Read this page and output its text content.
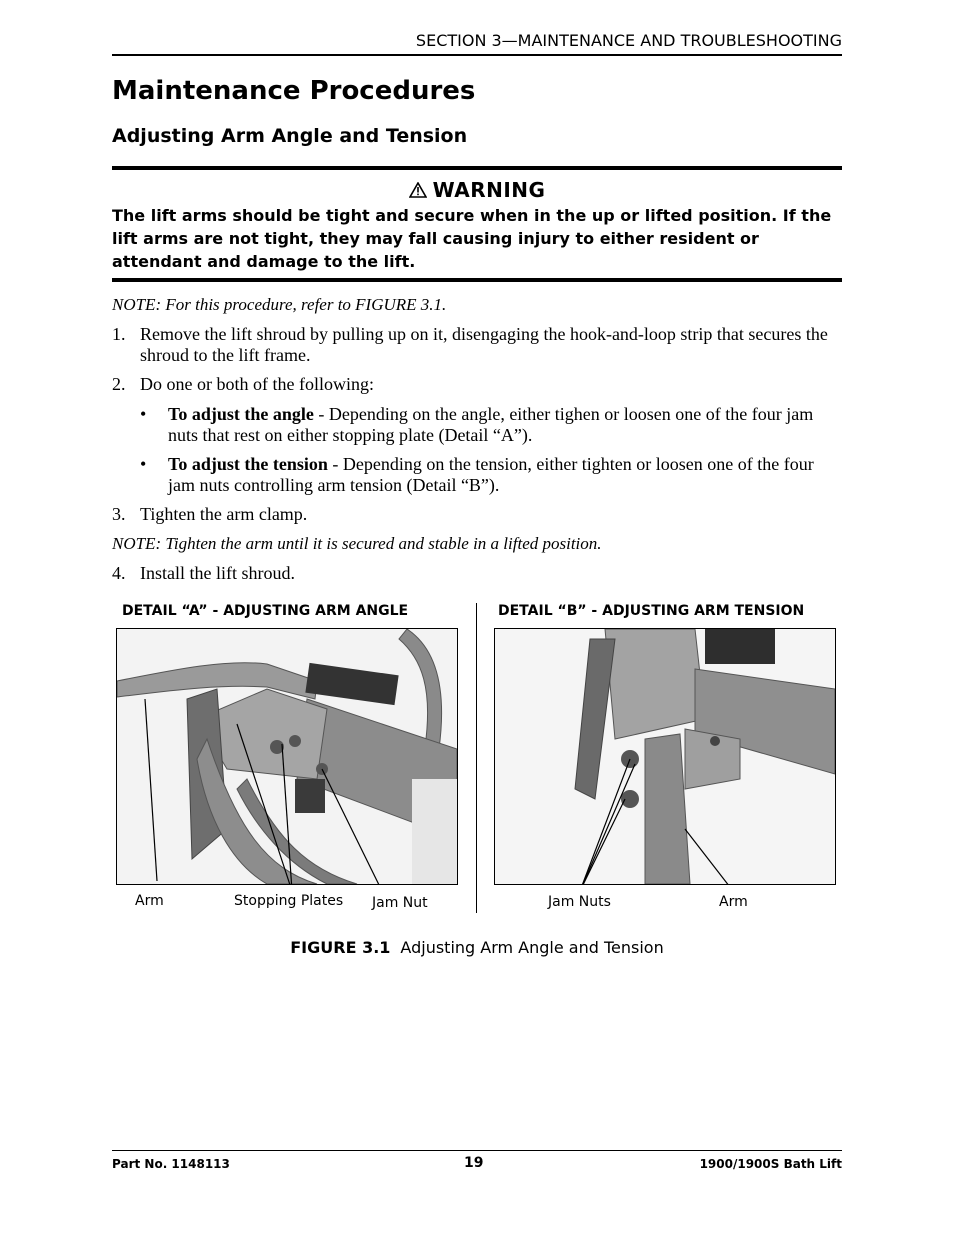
SECTION 3—MAINTENANCE AND TROUBLESHOOTING
Maintenance Procedures
Adjusting Arm Angle and Tension
WARNING
The lift arms should be tight and secure when in the up or lifted position. If the lift arms are not tight, they may fall causing injury to either resident or attendant and damage to the lift.
NOTE: For this procedure, refer to FIGURE 3.1.
1. Remove the lift shroud by pulling up on it, disengaging the hook-and-loop strip that secures the shroud to the lift frame.
2. Do one or both of the following:
• To adjust the angle - Depending on the angle, either tighen or loosen one of the four jam nuts that rest on either stopping plate (Detail “A”).
• To adjust the tension - Depending on the tension, either tighten or loosen one of the four jam nuts controlling arm tension (Detail “B”).
3. Tighten the arm clamp.
NOTE: Tighten the arm until it is secured and stable in a lifted position.
4. Install the lift shroud.
DETAIL “A” - ADJUSTING ARM ANGLE
Arm	Stopping Plates Jam Nut
DETAIL “B” - ADJUSTING ARM TENSION
Jam Nuts	Arm
FIGURE 3.1 Adjusting Arm Angle and Tension
Part No. 1148113	19	1900/1900S Bath Lift
